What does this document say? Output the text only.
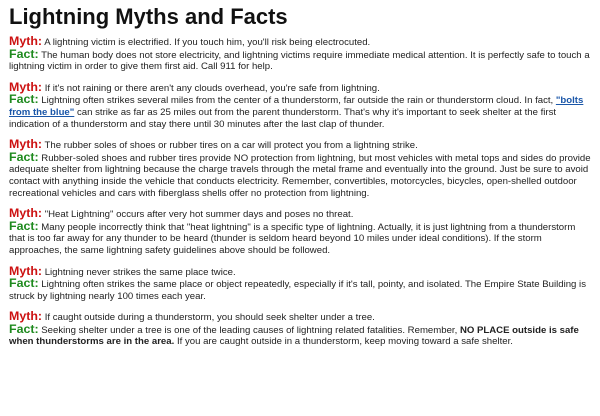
Lightning Myths and Facts

Myth: A lightning victim is electrified. If you touch him, you'll risk being electrocuted.

Fact: The human body does not store electricity, and lightning victims require immediate medical attention. It is perfectly safe to touch a lightning victim in order to give them first aid. Call 911 for help.

Myth: If it's not raining or there aren't any clouds overhead, you're safe from lightning.

Fact: Lightning often strikes several miles from the center of a thunderstorm, far outside the rain or thunderstorm cloud. In fact, "bolts from the blue" can strike as far as 25 miles out from the parent thunderstorm. That's why it's important to seek shelter at the first indication of a thunderstorm and stay there until 30 minutes after the last clap of thunder.

Myth: The rubber soles of shoes or rubber tires on a car will protect you from a lightning strike.

Fact: Rubber-soled shoes and rubber tires provide NO protection from lightning, but most vehicles with metal tops and sides do provide adequate shelter from lightning because the charge travels through the metal frame and eventually into the ground. Just be sure to avoid contact with anything inside the vehicle that conducts electricity. Remember, convertibles, motorcycles, bicycles, open-shelled outdoor recreational vehicles and cars with fiberglass shells offer no protection from lightning.

Myth: "Heat Lightning" occurs after very hot summer days and poses no threat.

Fact: Many people incorrectly think that "heat lightning" is a specific type of lightning. Actually, it is just lightning from a thunderstorm that is too far away for any thunder to be heard (thunder is seldom heard beyond 10 miles under ideal conditions). If the storm approaches, the same lightning safety guidelines above should be followed.

Myth: Lightning never strikes the same place twice.

Fact: Lightning often strikes the same place or object repeatedly, especially if it's tall, pointy, and isolated. The Empire State Building is struck by lightning nearly 100 times each year.

Myth: If caught outside during a thunderstorm, you should seek shelter under a tree.

Fact: Seeking shelter under a tree is one of the leading causes of lightning related fatalities. Remember, NO PLACE outside is safe when thunderstorms are in the area. If you are caught outside in a thunderstorm, keep moving toward a safe shelter.
